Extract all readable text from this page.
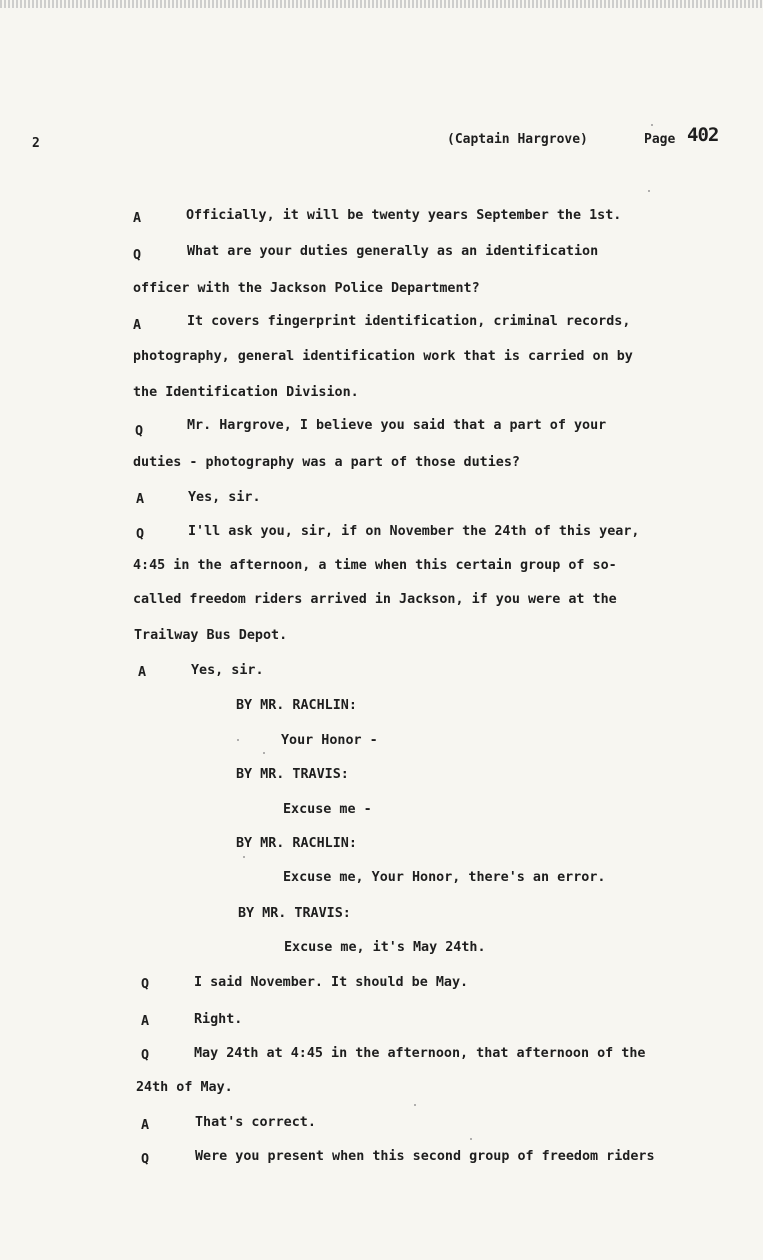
2	(Captain Hargrove)	Page 402
A	Officially, it will be twenty years September the 1st.
Q	What are your duties generally as an identification
officer with the Jackson Police Department?
A	It covers fingerprint identification, criminal records,
photography, general identification work that is carried on by
the Identification Division.
Q	Mr. Hargrove, I believe you said that a part of your
duties - photography was a part of those duties?
A	Yes, sir.
Q	I'll ask you, sir, if on November the 24th of this year,
4:45 in the afternoon, a time when this certain group of so-
called freedom riders arrived in Jackson, if you were at the
Trailway Bus Depot.
A	Yes, sir.
BY MR. RACHLIN:
Your Honor -
BY MR. TRAVIS:
Excuse me -
BY MR. RACHLIN:
Excuse me, Your Honor, there's an error.
BY MR. TRAVIS:
Excuse me, it's May 24th.
Q	I said November. It should be May.
A	Right.
Q	May 24th at 4:45 in the afternoon, that afternoon of the
24th of May.
A	That's correct.
Q	Were you present when this second group of freedom riders
